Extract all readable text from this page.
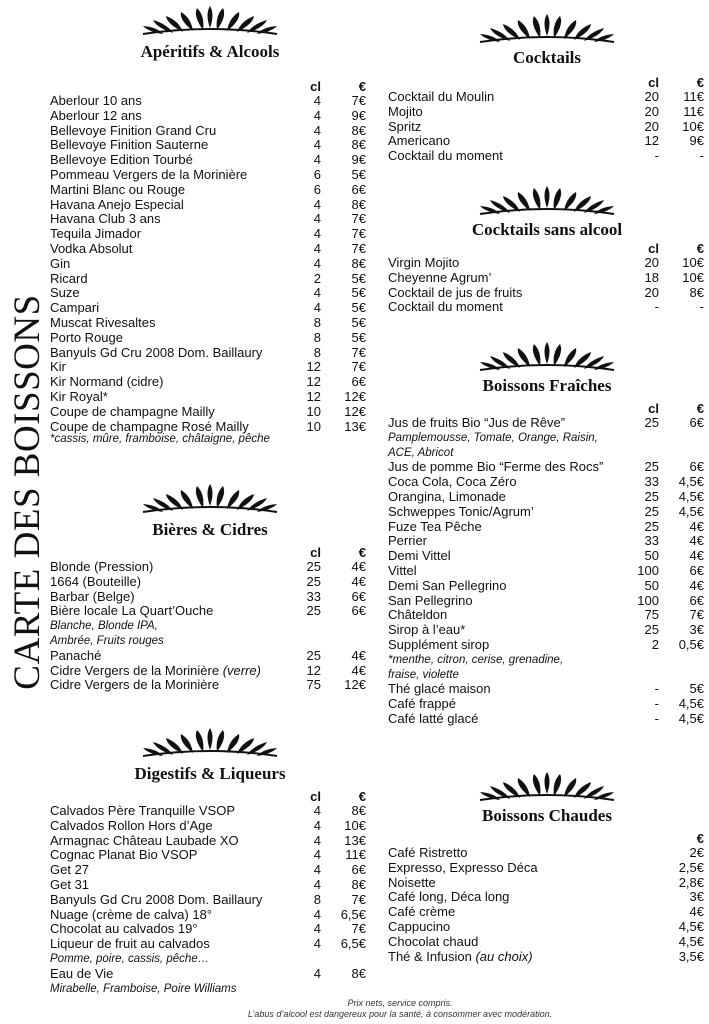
CARTE DES BOISSONS

Apéritifs & Alcools

	cl	€
Aberlour 10 ans	4	7€
Aberlour 12 ans	4	9€
Bellevoye Finition Grand Cru	4	8€
Bellevoye Finition Sauterne	4	8€
Bellevoye Edition Tourbé	4	9€
Pommeau Vergers de la Morinière	6	5€
Martini Blanc ou Rouge	6	6€
Havana Anejo Especial	4	8€
Havana Club 3 ans	4	7€
Tequila Jimador	4	7€
Vodka Absolut	4	7€
Gin	4	8€
Ricard	2	5€
Suze	4	5€
Campari	4	5€
Muscat Rivesaltes	8	5€
Porto Rouge	8	5€
Banyuls Gd Cru 2008 Dom. Baillaury	8	7€
Kir	12	7€
Kir Normand (cidre)	12	6€
Kir Royal*	12	12€
Coupe de champagne Mailly	10	12€
Coupe de champagne Rosé Mailly	10	13€
*cassis, mûre, framboise, châtaigne, pêche

Bières & Cidres

	cl	€
Blonde (Pression)	25	4€
1664 (Bouteille)	25	4€
Barbar (Belge)	33	6€
Bière locale La Quart’Ouche	25	6€
Blanche, Blonde IPA,		
Ambrée, Fruits rouges		
Panaché	25	4€
Cidre Vergers de la Morinière (verre)	12	4€
Cidre Vergers de la Morinière	75	12€

Digestifs & Liqueurs

	cl	€
Calvados Père Tranquille VSOP	4	8€
Calvados Rollon Hors d’Age	4	10€
Armagnac Château Laubade XO	4	13€
Cognac Planat Bio VSOP	4	11€
Get 27	4	6€
Get 31	4	8€
Banyuls Gd Cru 2008 Dom. Baillaury	8	7€
Nuage (crème de calva) 18°	4	6,5€
Chocolat au calvados 19°	4	7€
Liqueur de fruit au calvados	4	6,5€
Pomme, poire, cassis, pêche…		
Eau de Vie	4	8€
Mirabelle, Framboise, Poire Williams		

Cocktails

	cl	€
Cocktail du Moulin	20	11€
Mojito	20	11€
Spritz	20	10€
Americano	12	9€
Cocktail du moment	-	-

Cocktails sans alcool

	cl	€
Virgin Mojito	20	10€
Cheyenne Agrum’	18	10€
Cocktail de jus de fruits	20	8€
Cocktail du moment	-	-

Boissons Fraîches

	cl	€
Jus de fruits Bio “Jus de Rêve”	25	6€
Pamplemousse, Tomate, Orange, Raisin,		
ACE, Abricot		
Jus de pomme Bio “Ferme des Rocs”	25	6€
Coca Cola, Coca Zéro	33	4,5€
Orangina, Limonade	25	4,5€
Schweppes Tonic/Agrum’	25	4,5€
Fuze Tea Pêche	25	4€
Perrier	33	4€
Demi Vittel	50	4€
Vittel	100	6€
Demi San Pellegrino	50	4€
San Pellegrino	100	6€
Châteldon	75	7€
Sirop à l’eau*	25	3€
Supplément sirop	2	0,5€
*menthe, citron, cerise, grenadine,		
fraise, violette		
Thé glacé maison	-	5€
Café frappé	-	4,5€
Café latté glacé	-	4,5€

Boissons Chaudes

	€
Café Ristretto	2€
Expresso, Expresso Déca	2,5€
Noisette	2,8€
Café long, Déca long	3€
Café crème	4€
Cappucino	4,5€
Chocolat chaud	4,5€
Thé & Infusion (au choix)	3,5€
Prix nets, service compris.
L’abus d’alcool est dangereux pour la santé, à consommer avec modération.
